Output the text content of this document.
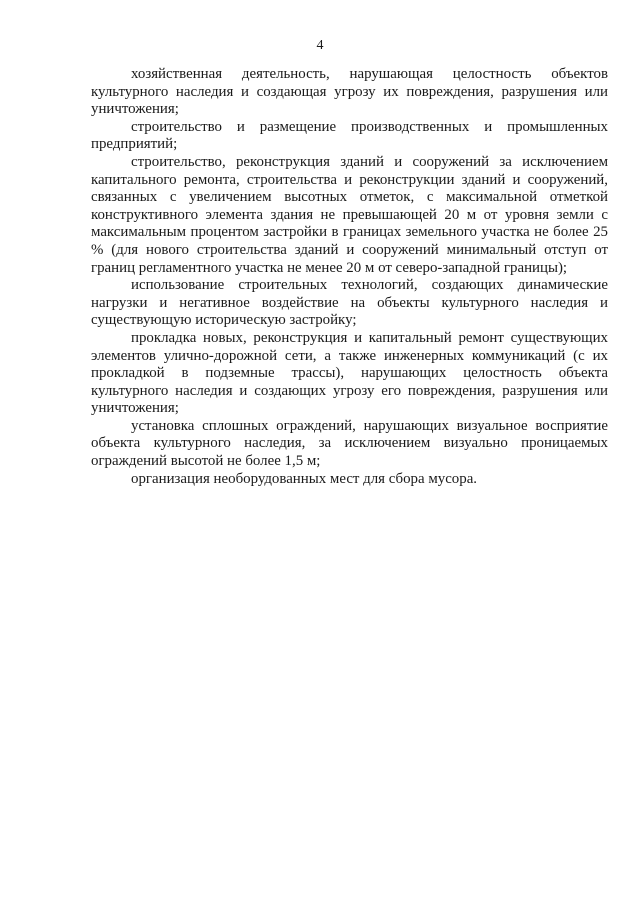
4

хозяйственная деятельность, нарушающая целостность объектов культурного наследия и создающая угрозу их повреждения, разрушения или уничтожения;

строительство и размещение производственных и промышленных предприятий;

строительство, реконструкция зданий и сооружений за исключением капитального ремонта, строительства и реконструкции зданий и сооружений, связанных с увеличением высотных отметок, с максимальной отметкой конструктивного элемента здания не превышающей 20 м от уровня земли с максимальным процентом застройки в границах земельного участка не более 25 % (для нового строительства зданий и сооружений минимальный отступ от границ регламентного участка не менее 20 м от северо-западной границы);

использование строительных технологий, создающих динамические нагрузки и негативное воздействие на объекты культурного наследия и существующую историческую застройку;

прокладка новых, реконструкция и капитальный ремонт существующих элементов улично-дорожной сети, а также инженерных коммуникаций (с их прокладкой в подземные трассы), нарушающих целостность объекта культурного наследия и создающих угрозу его повреждения, разрушения или уничтожения;

установка сплошных ограждений, нарушающих визуальное восприятие объекта культурного наследия, за исключением визуально проницаемых ограждений высотой не более 1,5 м;

организация необорудованных мест для сбора мусора.
